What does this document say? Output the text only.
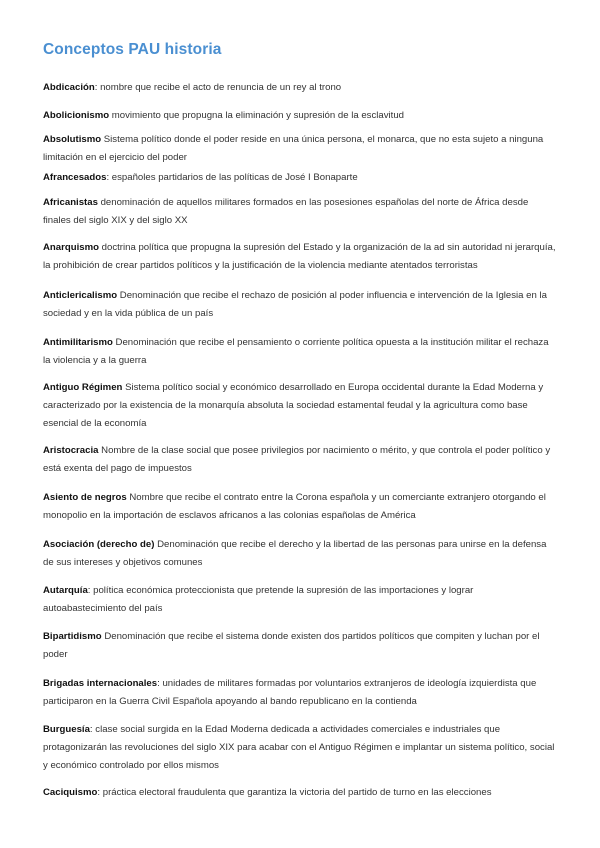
Conceptos PAU historia
Abdicación: nombre que recibe el acto de renuncia de un rey al trono
Abolicionismo movimiento que propugna la eliminación y supresión de la esclavitud
Absolutismo Sistema político donde el poder reside en una única persona, el monarca, que no esta sujeto a ninguna limitación en el ejercicio del poder
Afrancesados: españoles partidarios de las políticas de José I Bonaparte
Africanistas denominación de aquellos militares formados en las posesiones españolas del norte de África desde finales del siglo XIX y del siglo XX
Anarquismo doctrina política que propugna la supresión del Estado y la organización de la ad sin autoridad ni jerarquía, la prohibición de crear partidos políticos y la justificación de la violencia mediante atentados terroristas
Anticlericalismo Denominación que recibe el rechazo de posición al poder influencia e intervención de la Iglesia en la sociedad y en la vida pública de un país
Antimilitarismo Denominación que recibe el pensamiento o corriente política opuesta a la institución militar el rechaza la violencia y a la guerra
Antiguo Régimen Sistema político social y económico desarrollado en Europa occidental durante la Edad Moderna y caracterizado por la existencia de la monarquía absoluta la sociedad estamental feudal y la agricultura como base esencial de la economía
Aristocracia Nombre de la clase social que posee privilegios por nacimiento o mérito, y que controla el poder político y está exenta del pago de impuestos
Asiento de negros Nombre que recibe el contrato entre la Corona española y un comerciante extranjero otorgando el monopolio en la importación de esclavos africanos a las colonias españolas de América
Asociación (derecho de) Denominación que recibe el derecho y la libertad de las personas para unirse en la defensa de sus intereses y objetivos comunes
Autarquía: política económica proteccionista que pretende la supresión de las importaciones y lograr autoabastecimiento del país
Bipartidismo Denominación que recibe el sistema donde existen dos partidos políticos que compiten y luchan por el poder
Brigadas internacionales: unidades de militares formadas por voluntarios extranjeros de ideología izquierdista que participaron en la Guerra Civil Española apoyando al bando republicano en la contienda
Burguesía: clase social surgida en la Edad Moderna dedicada a actividades comerciales e industriales que protagonizarán las revoluciones del siglo XIX para acabar con el Antiguo Régimen e implantar un sistema político, social y económico controlado por ellos mismos
Caciquismo: práctica electoral fraudulenta que garantiza la victoria del partido de turno en las elecciones
